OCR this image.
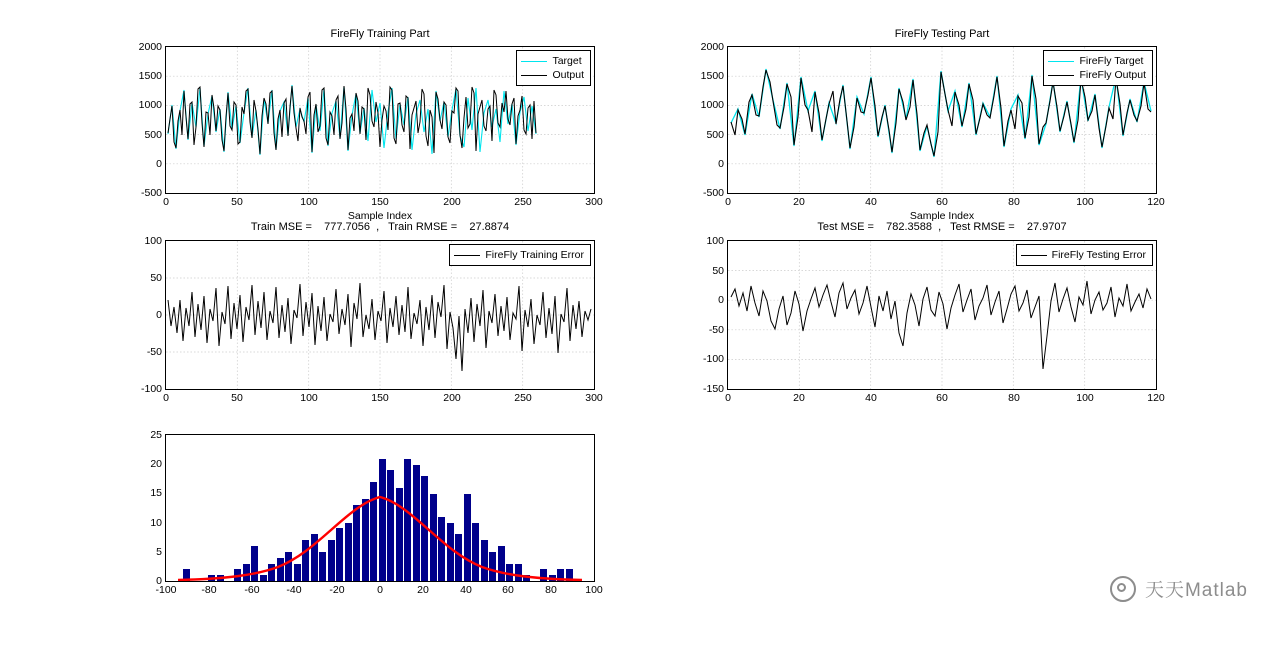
FireFly Training Part
2000
1500
1000
500
0
-500
0	50	100	150	200	250	300
Sample Index
Target
Output
FireFly Testing Part
2000
1500
1000
500
0
-500
0	20	40	60	80	100	120
Sample Index
FireFly Target
FireFly Output
Train MSE =    777.7056  ,   Train RMSE =    27.8874
100
50
0
-50
-100
0	50	100	150	200	250	300
FireFly Training Error
Test MSE =    782.3588  ,   Test RMSE =    27.9707
100
50
0
-50
-100
-150
0	20	40	60	80	100	120
FireFly Testing Error
25
20
15
10
5
0
-100 -80	-60	-40	-20	0	20	40	60	80	100	天天Matlab
